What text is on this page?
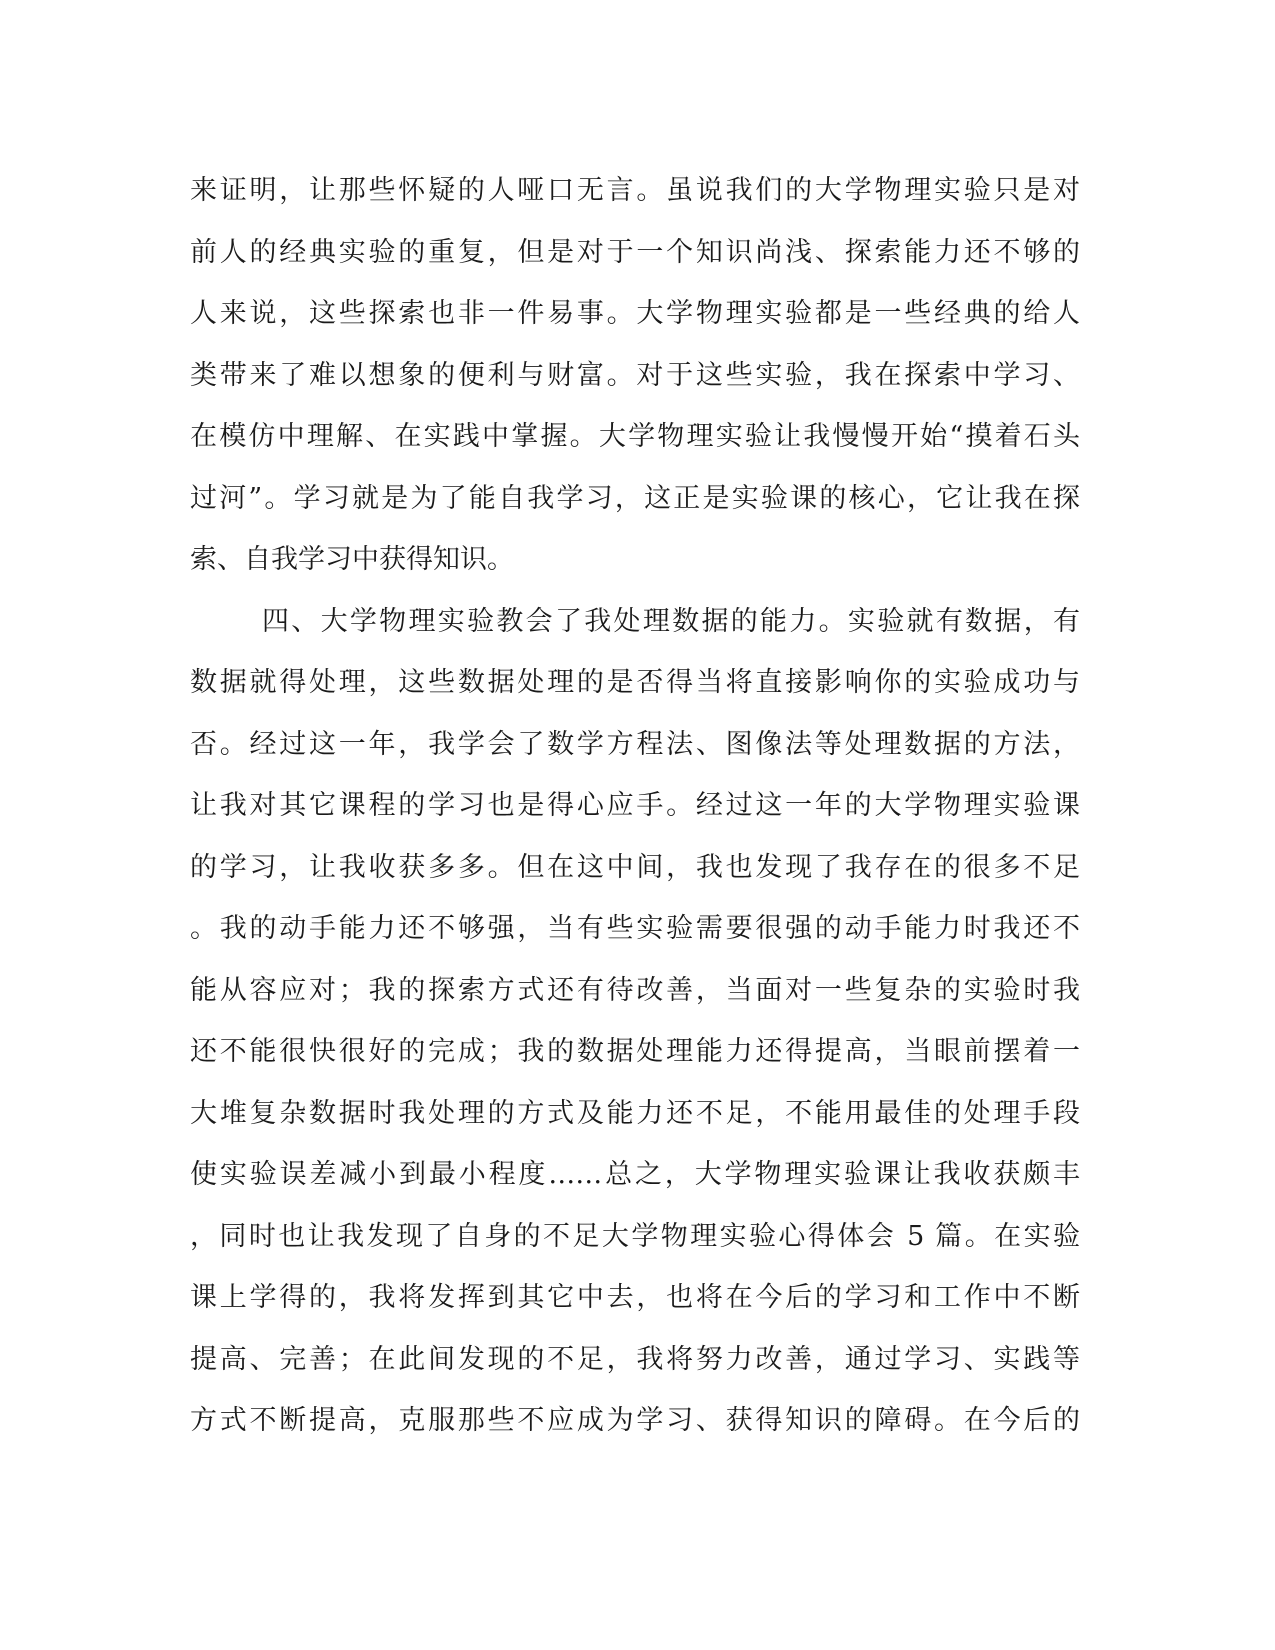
来证明，让那些怀疑的人哑口无言。虽说我们的大学物理实验只是对
前人的经典实验的重复，但是对于一个知识尚浅、探索能力还不够的
人来说，这些探索也非一件易事。大学物理实验都是一些经典的给人
类带来了难以想象的便利与财富。对于这些实验，我在探索中学习、
在模仿中理解、在实践中掌握。大学物理实验让我慢慢开始“摸着石头
过河”。学习就是为了能自我学习，这正是实验课的核心，它让我在探
索、自我学习中获得知识。
四、大学物理实验教会了我处理数据的能力。实验就有数据，有
数据就得处理，这些数据处理的是否得当将直接影响你的实验成功与
否。经过这一年，我学会了数学方程法、图像法等处理数据的方法，
让我对其它课程的学习也是得心应手。经过这一年的大学物理实验课
的学习，让我收获多多。但在这中间，我也发现了我存在的很多不足
。我的动手能力还不够强，当有些实验需要很强的动手能力时我还不
能从容应对；我的探索方式还有待改善，当面对一些复杂的实验时我
还不能很快很好的完成；我的数据处理能力还得提高，当眼前摆着一
大堆复杂数据时我处理的方式及能力还不足，不能用最佳的处理手段
使实验误差减小到最小程度……总之，大学物理实验课让我收获颇丰
，同时也让我发现了自身的不足大学物理实验心得体会 5 篇。在实验
课上学得的，我将发挥到其它中去，也将在今后的学习和工作中不断
提高、完善；在此间发现的不足，我将努力改善，通过学习、实践等
方式不断提高，克服那些不应成为学习、获得知识的障碍。在今后的
